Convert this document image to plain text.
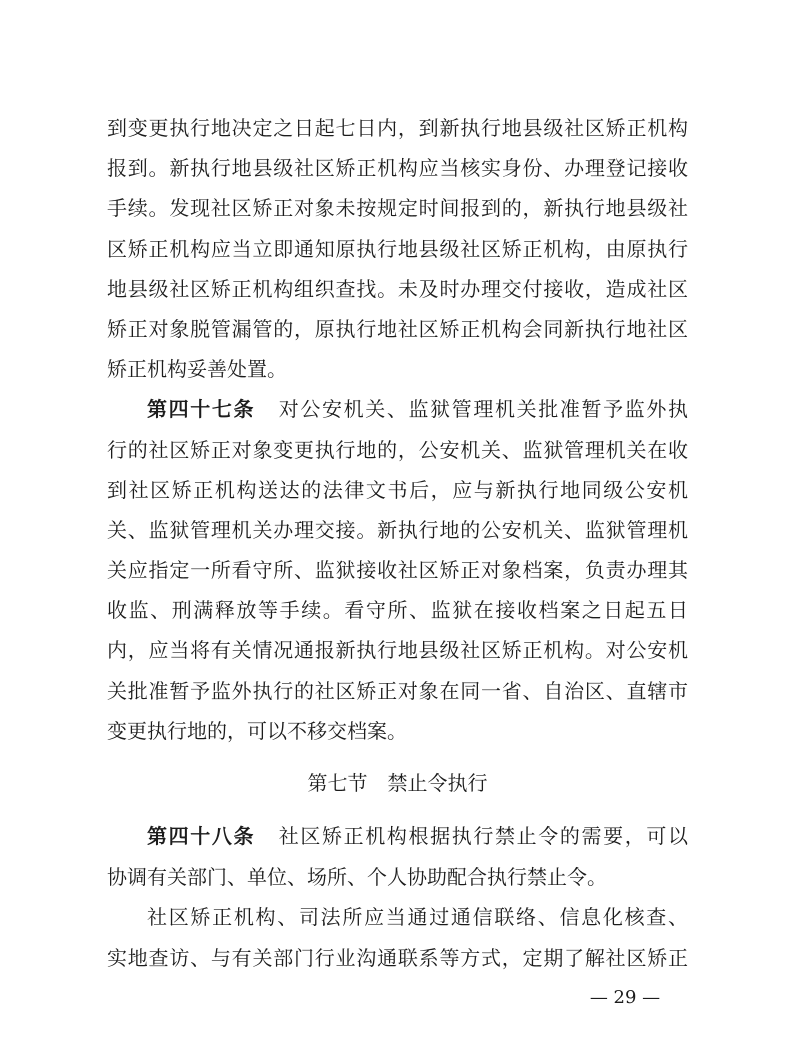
到变更执行地决定之日起七日内，到新执行地县级社区矫正机构
报到。新执行地县级社区矫正机构应当核实身份、办理登记接收
手续。发现社区矫正对象未按规定时间报到的，新执行地县级社
区矫正机构应当立即通知原执行地县级社区矫正机构，由原执行
地县级社区矫正机构组织查找。未及时办理交付接收，造成社区
矫正对象脱管漏管的，原执行地社区矫正机构会同新执行地社区
矫正机构妥善处置。
第四十七条 对公安机关、监狱管理机关批准暂予监外执
行的社区矫正对象变更执行地的，公安机关、监狱管理机关在收
到社区矫正机构送达的法律文书后，应与新执行地同级公安机
关、监狱管理机关办理交接。新执行地的公安机关、监狱管理机
关应指定一所看守所、监狱接收社区矫正对象档案，负责办理其
收监、刑满释放等手续。看守所、监狱在接收档案之日起五日
内，应当将有关情况通报新执行地县级社区矫正机构。对公安机
关批准暂予监外执行的社区矫正对象在同一省、自治区、直辖市
变更执行地的，可以不移交档案。
第七节　禁止令执行
第四十八条 社区矫正机构根据执行禁止令的需要，可以
协调有关部门、单位、场所、个人协助配合执行禁止令。
社区矫正机构、司法所应当通过通信联络、信息化核查、
实地查访、与有关部门行业沟通联系等方式，定期了解社区矫正
— 29 —
